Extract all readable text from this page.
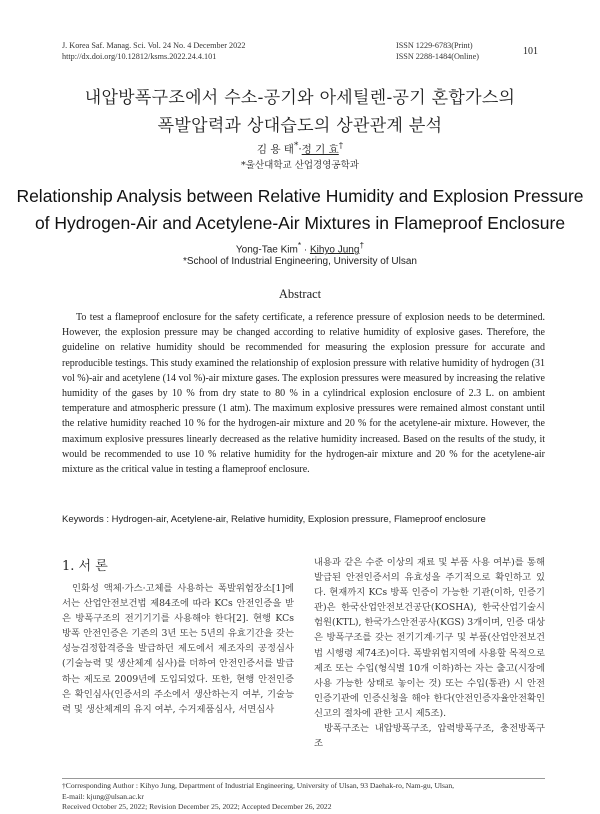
J. Korea Saf. Manag. Sci. Vol. 24 No. 4 December 2022
http://dx.doi.org/10.12812/ksms.2022.24.4.101
ISSN 1229-6783(Print)
ISSN 2288-1484(Online)	101
내압방폭구조에서 수소-공기와 아세틸렌-공기 혼합가스의
폭발압력과 상대습도의 상관관계 분석
김 용 태*·정 기 효†
*울산대학교 산업경영공학과
Relationship Analysis between Relative Humidity and Explosion Pressure
of Hydrogen-Air and Acetylene-Air Mixtures in Flameproof Enclosure
Yong-Tae Kim* · Kihyo Jung†
*School of Industrial Engineering, University of Ulsan
Abstract
To test a flameproof enclosure for the safety certificate, a reference pressure of explosion needs to be determined. However, the explosion pressure may be changed according to relative humidity of explosive gases. Therefore, the guideline on relative humidity should be recommended for measuring the explosion pressure for accurate and reproducible testings. This study examined the relationship of explosion pressure with relative humidity of hydrogen (31 vol %)-air and acetylene (14 vol %)-air mixture gases. The explosion pressures were measured by increasing the relative humidity of the gases by 10 % from dry state to 80 % in a cylindrical explosion enclosure of 2.3 L. on ambient temperature and atmospheric pressure (1 atm). The maximum explosive pressures were remained almost constant until the relative humidity reached 10 % for the hydrogen-air mixture and 20 % for the acetylene-air mixture. However, the maximum explosive pressures linearly decreased as the relative humidity increased. Based on the results of the study, it would be recommended to use 10 % relative humidity for the hydrogen-air mixture and 20 % for the acetylene-air mixture as the critical value in testing a flameproof enclosure.
Keywords : Hydrogen-air, Acetylene-air, Relative humidity, Explosion pressure, Flameproof enclosure
1. 서 론
인화성 액체·가스·고체를 사용하는 폭발위험장소[1]에서는 산업안전보건법 제84조에 따라 KCs 안전인증을 받은 방폭구조의 전기기기를 사용해야 한다[2]. 현행 KCs 방폭 안전인증은 기존의 3년 또는 5년의 유효기간을 갖는 성능검정합격증을 발급하던 제도에서 제조자의 공정심사(기술능력 및 생산체계 심사)를 더하여 안전인증서를 발급하는 제도로 2009년에 도입되었다. 또한, 현행 안전인증은 확인심사(인증서의 주소에서 생산하는지 여부, 기술능력 및 생산체계의 유지 여부, 수거제품심사, 서면심사

내용과 같은 수준 이상의 재료 및 부품 사용 여부)를 통해 발급된 안전인증서의 유효성을 주기적으로 확인하고 있다. 현재까지 KCs 방폭 인증이 가능한 기관(이하, 인증기관)은 한국산업안전보건공단(KOSHA), 한국산업기술시험원(KTL), 한국가스안전공사(KGS) 3개이며, 인증 대상은 방폭구조를 갖는 전기기계·기구 및 부품(산업안전보건법 시행령 제74조)이다. 폭발위험지역에 사용할 목적으로 제조 또는 수입(형식별 10개 이하)하는 자는 출고(시장에 사용 가능한 상태로 놓이는 것) 또는 수입(통관) 시 안전인증기관에 인증신청을 해야 한다(안전인증자율안전확인신고의 절차에 관한 고시 제5조).

방폭구조는 내압방폭구조, 압력방폭구조, 충전방폭구조

†Corresponding Author : Kihyo Jung, Department of Industrial Engineering, University of Ulsan, 93 Daehak-ro, Nam-gu, Ulsan,
E-mail: kjung@ulsan.ac.kr
Received October 25, 2022; Revision December 25, 2022; Accepted December 26, 2022
